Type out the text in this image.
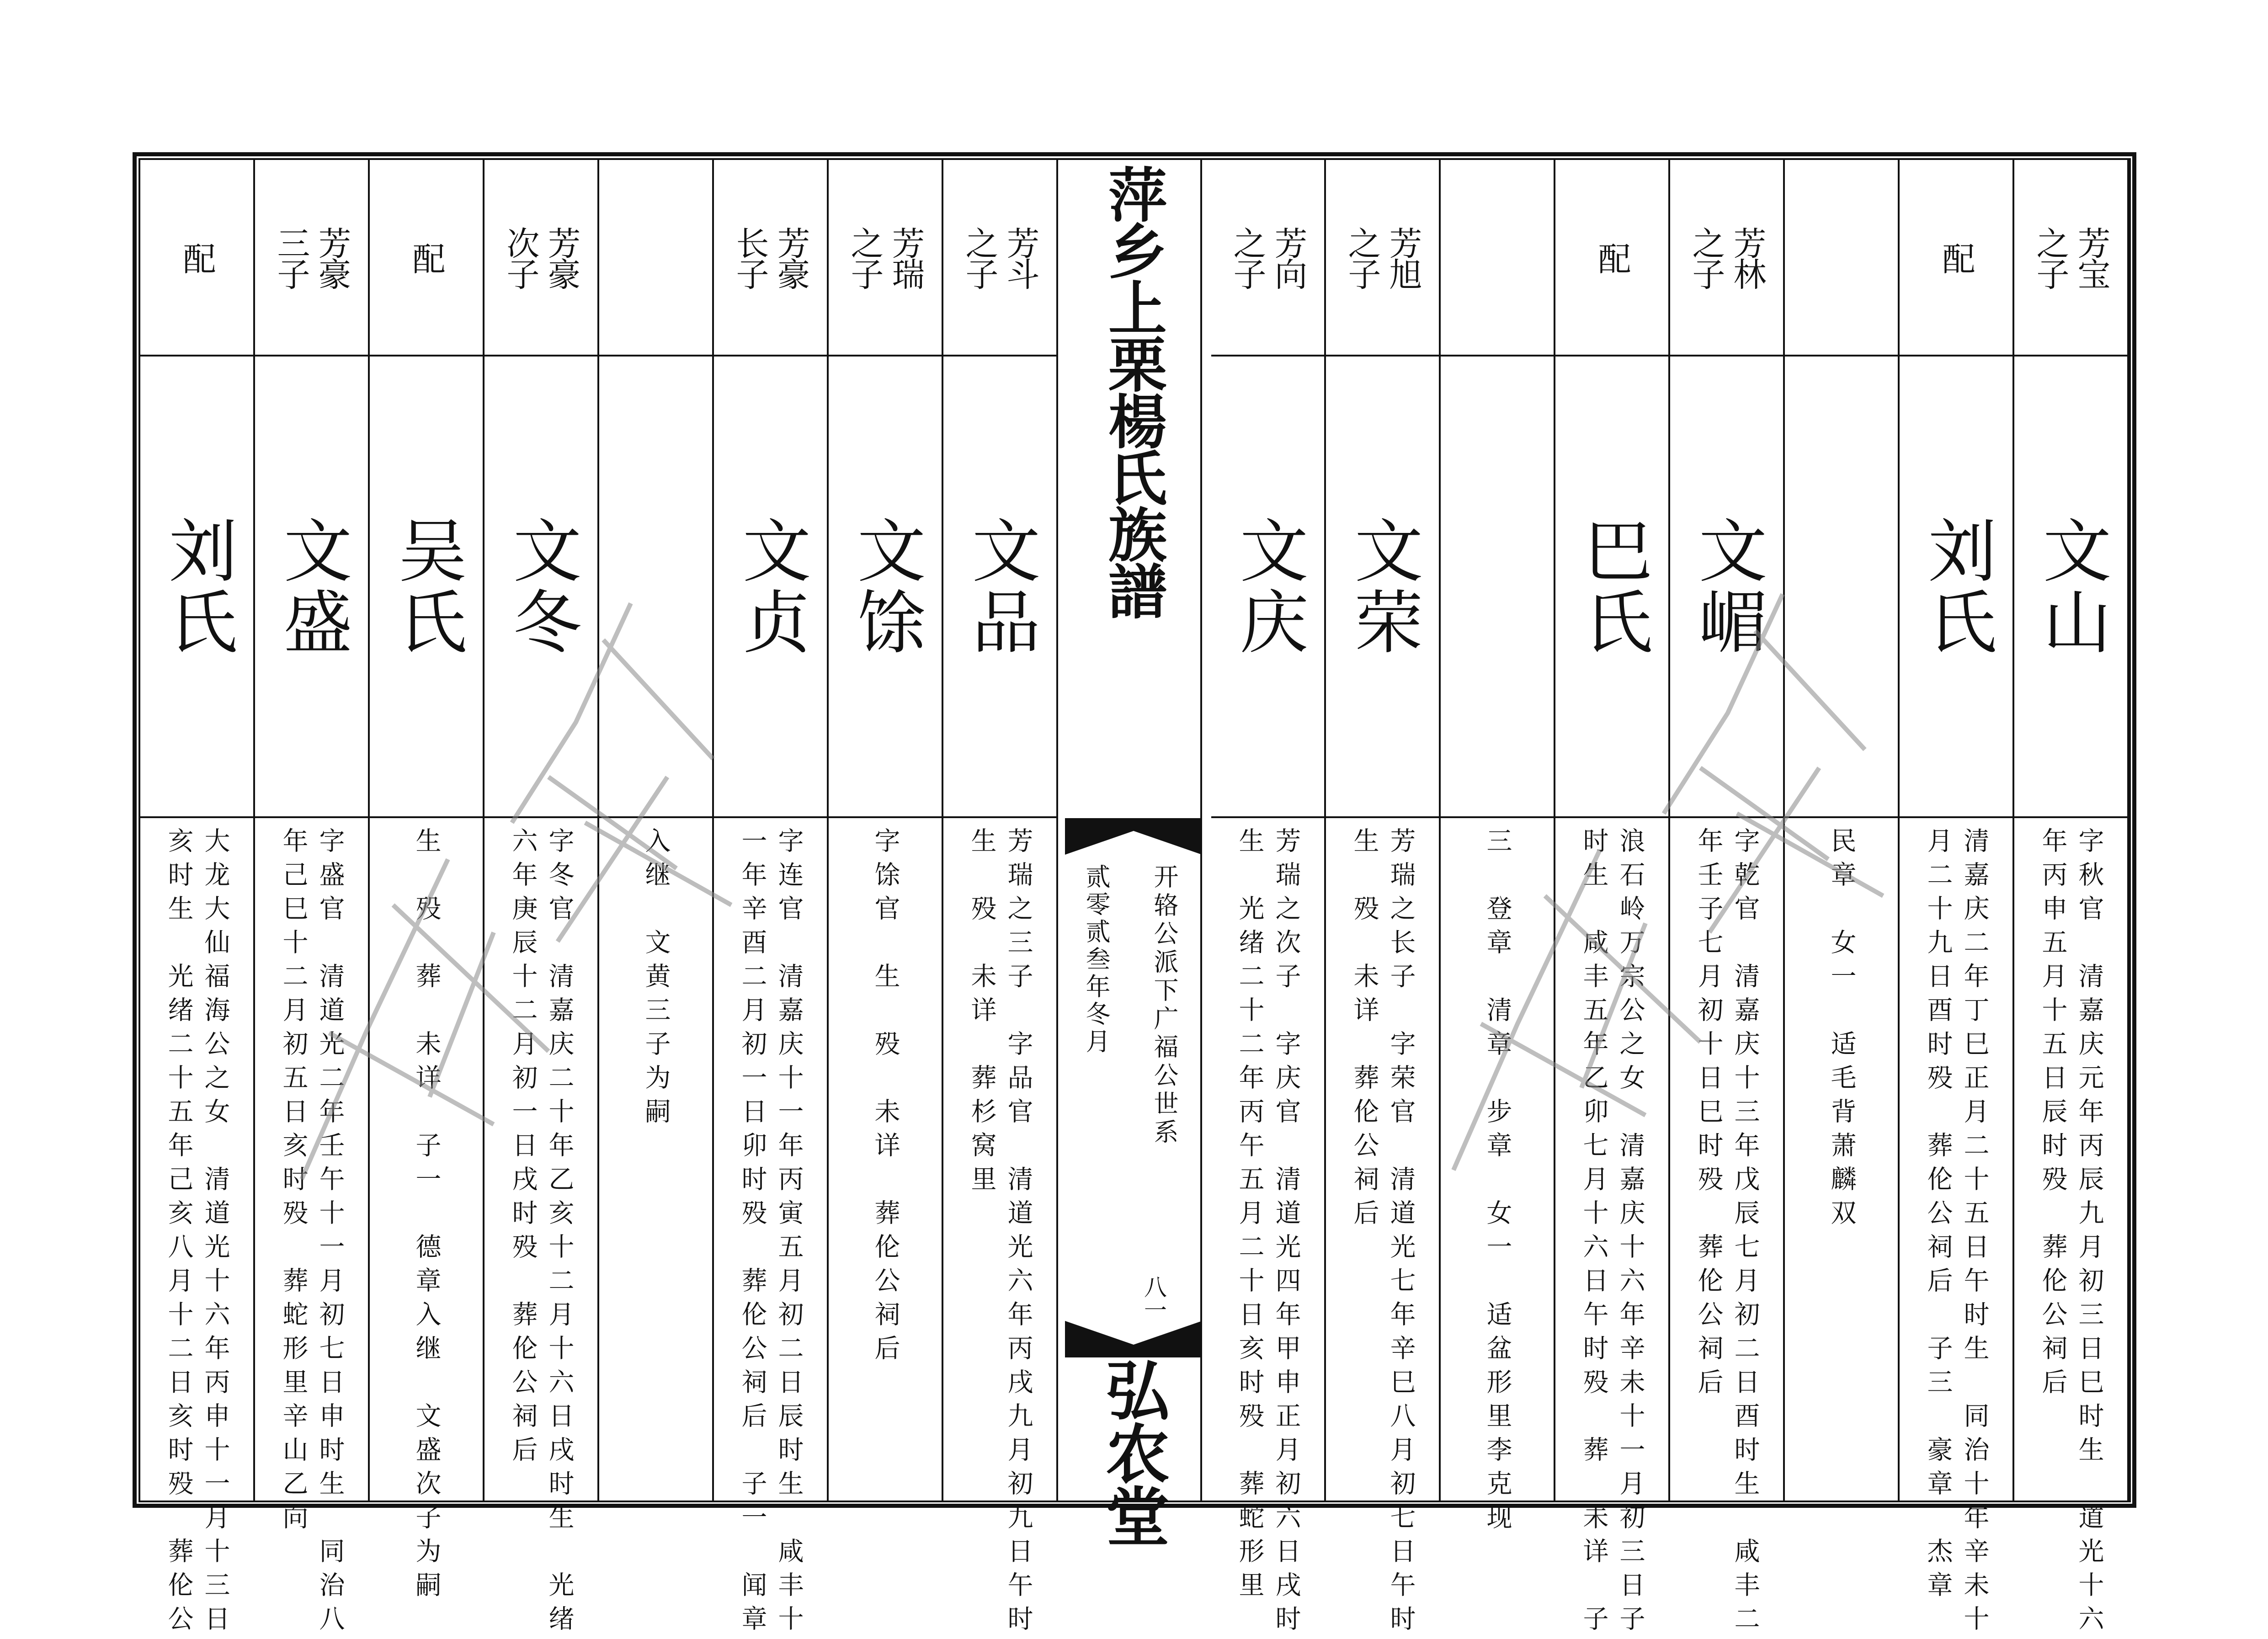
芳宝
之子
文山
字秋官　清嘉庆元年丙辰九月初三日巳时生　道光十六
年丙申五月十五日辰时殁　葬伦公祠后
配
刘氏
清嘉庆二年丁巳正月二十五日午时生　同治十年辛未十
月二十九日酉时殁　葬伦公祠后　子三　豪章　杰章
民章　女一　适毛背萧麟双
芳林
之子
文嵋
字乾官　清嘉庆十三年戊辰七月初二日酉时生　咸丰二
年壬子七月初十日巳时殁　葬伦公祠后
配
巴氏
浪石岭万宗公之女　清嘉庆十六年辛未十一月初三日子
时生　咸丰五年乙卯七月十六日午时殁　葬　未详　子
三　登章　清章　步章　女一　适盆形里李克现
芳旭
之子
文荣
芳瑞之长子　字荣官　清道光七年辛巳八月初七日午时
生　殁　未详　葬伦公祠后
芳向
之子
文庆
芳瑞之次子　字庆官　清道光四年甲申正月初六日戌时
生　光绪二十二年丙午五月二十日亥时殁　葬蛇形里
芳斗
之子
文品
芳瑞之三子　字品官　清道光六年丙戌九月初九日午时
生　殁　未详　葬杉窝里
芳瑞
之子
文馀
字馀官　生　殁　未详　葬伦公祠后
芳豪
长子
文贞
字连官　清嘉庆十一年丙寅五月初二日辰时生　咸丰十
一年辛酉二月初一日卯时殁　葬伦公祠后　子一　闻章
入继　文黄三子为嗣
芳豪
次子
文冬
字冬官　清嘉庆二十年乙亥十二月十六日戌时生　光绪
六年庚辰十二月初一日戌时殁　葬伦公祠后
配
吴氏
生　殁　葬　未详　子一　德章入继　文盛次子为嗣
芳豪
三子
文盛
字盛官　清道光二年壬午十一月初七日申时生　同治八
年己巳十二月初五日亥时殁　葬蛇形里辛山乙向
配
刘氏
大龙大仙福海公之女　清道光十六年丙申十一月十三日
亥时生　光绪二十五年己亥八月十二日亥时殁　葬伦公
萍乡上栗楊氏族譜
开辂公派下广福公世系
八一
贰零贰叁年冬月
弘农堂
